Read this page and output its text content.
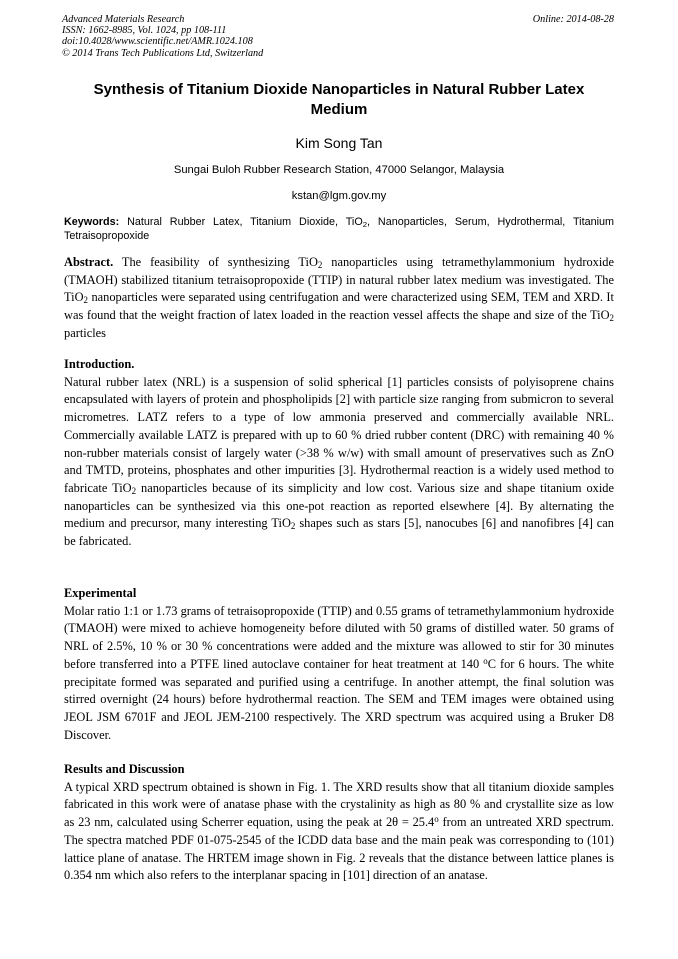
Advanced Materials Research
ISSN: 1662-8985, Vol. 1024, pp 108-111
doi:10.4028/www.scientific.net/AMR.1024.108
© 2014 Trans Tech Publications Ltd, Switzerland
Online: 2014-08-28
Synthesis of Titanium Dioxide Nanoparticles in Natural Rubber Latex Medium
Kim Song Tan
Sungai Buloh Rubber Research Station, 47000 Selangor, Malaysia
kstan@lgm.gov.my
Keywords: Natural Rubber Latex, Titanium Dioxide, TiO$_2$, Nanoparticles, Serum, Hydrothermal, Titanium Tetraisopropoxide

Abstract. The feasibility of synthesizing TiO$_2$ nanoparticles using tetramethylammonium hydroxide (TMAOH) stabilized titanium tetraisopropoxide (TTIP) in natural rubber latex medium was investigated. The TiO$_2$ nanoparticles were separated using centrifugation and were characterized using SEM, TEM and XRD. It was found that the weight fraction of latex loaded in the reaction vessel affects the shape and size of the TiO$_2$ particles

Introduction.

Natural rubber latex (NRL) is a suspension of solid spherical [1] particles consists of polyisoprene chains encapsulated with layers of protein and phospholipids [2] with particle size ranging from submicron to several micrometres. LATZ refers to a type of low ammonia preserved and commercially available NRL. Commercially available LATZ is prepared with up to 60 % dried rubber content (DRC) with remaining 40 % non-rubber materials consist of largely water (>38 % w/w) with small amount of preservatives such as ZnO and TMTD, proteins, phosphates and other impurities [3]. Hydrothermal reaction is a widely used method to fabricate TiO$_2$ nanoparticles because of its simplicity and low cost. Various size and shape titanium oxide nanoparticles can be synthesized via this one-pot reaction as reported elsewhere [4]. By alternating the medium and precursor, many interesting TiO$_2$ shapes such as stars [5], nanocubes [6] and nanofibres [4] can be fabricated.

Experimental

Molar ratio 1:1 or 1.73 grams of tetraisopropoxide (TTIP) and 0.55 grams of tetramethylammonium hydroxide (TMAOH) were mixed to achieve homogeneity before diluted with 50 grams of distilled water. 50 grams of NRL of 2.5%, 10 % or 30 % concentrations were added and the mixture was allowed to stir for 30 minutes before transferred into a PTFE lined autoclave container for heat treatment at 140 $^o$C for 6 hours. The white precipitate formed was separated and purified using a centrifuge. In another attempt, the final solution was stirred overnight (24 hours) before hydrothermal reaction. The SEM and TEM images were obtained using JEOL JSM 6701F and JEOL JEM-2100 respectively. The XRD spectrum was acquired using a Bruker D8 Discover.

Results and Discussion

A typical XRD spectrum obtained is shown in Fig. 1. The XRD results show that all titanium dioxide samples fabricated in this work were of anatase phase with the crystalinity as high as 80 % and crystallite size as low as 23 nm, calculated using Scherrer equation, using the peak at $2\theta = 25.4^o$ from an untreated XRD spectrum. The spectra matched PDF 01-075-2545 of the ICDD data base and the main peak was corresponding to (101) lattice plane of anatase. The HRTEM image shown in Fig. 2 reveals that the distance between lattice planes is 0.354 nm which also refers to the interplanar spacing in [101] direction of an anatase.
